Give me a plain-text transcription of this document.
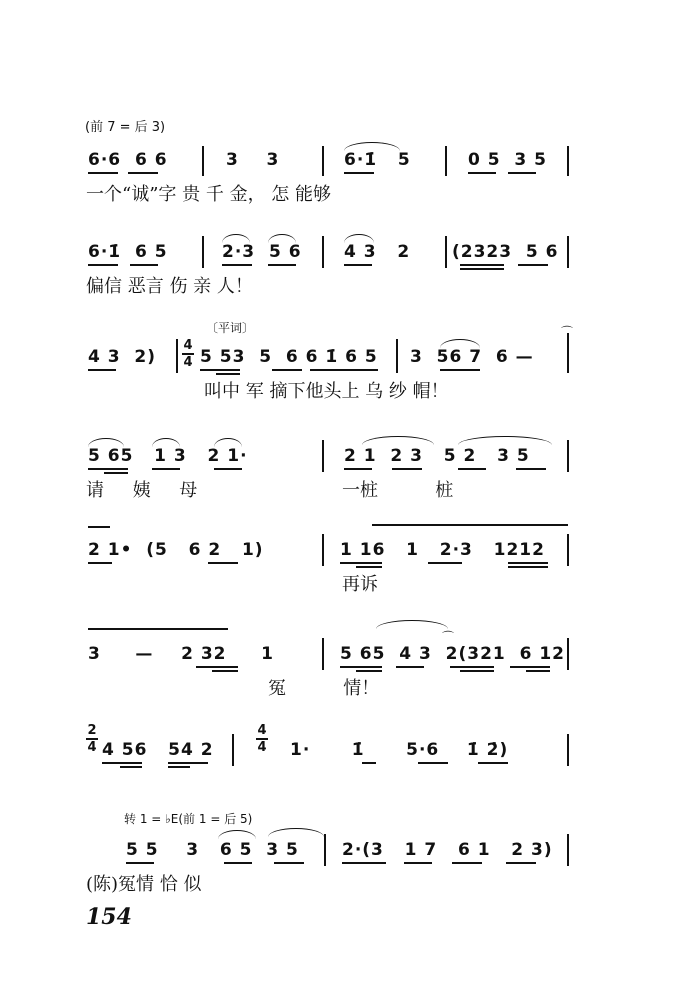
(前 7 = 后 3)
6·6  6 6	3    3	6·1̇   5	0 5  3 5
一个“诚”字 贵 千 金， 怎 能够
6·1̇  6 5	2·3  5 6 4 3   2 (2323  5 6
偏信 恶言 伤 亲 人！
〔平词〕
4 3  2)
4
4 5 53  5  6 6 1̇ 6 5 3  56 7  6 —
⌒
叫中 军 摘下他头上 乌 纱 帽！
5 65   1 3   2 1·	2 1  2 3   5 2   3 5
请     姨     母	一桩          桩
2 1•  (5   6 2   1)	1 16   1   2·3   1212
再诉
3     —    2 32     1	5 65  4 3  2(321  6 12
⌒
冤          情！
2
4 4 56   54 2
4
4 1·      1̇      5·6    1̇ 2̇)
转 1 = ♭E(前 1 = 后 5)
5 5    3   6 5  3 5	2·(3   1 7   6 1   2 3)
(陈)冤情 恰 似
154
